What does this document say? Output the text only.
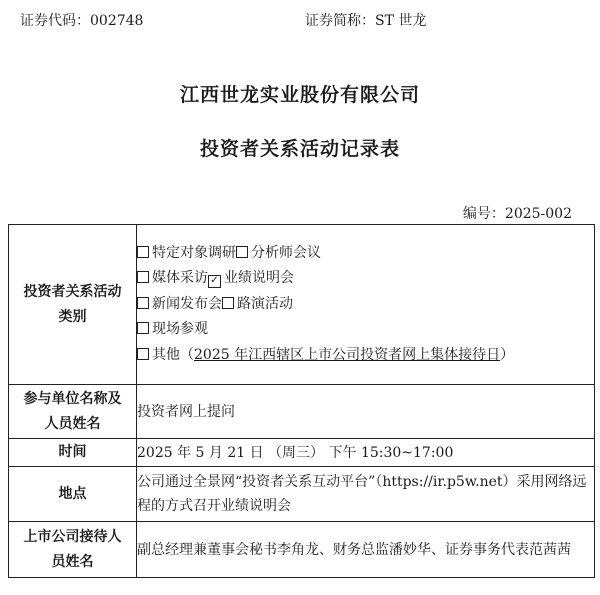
证券代码：002748	证券简称：ST 世龙
江西世龙实业股份有限公司
投资者关系活动记录表
编号：2025-002
投资者关系活动
类别	特定对象调研 分析师会议
媒体采访 ✓ 业绩说明会
新闻发布会 路演活动
现场参观
其他（2025 年江西辖区上市公司投资者网上集体接待日）

参与单位名称及
人员姓名	投资者网上提问
时间	2025 年 5 月 21 日 （周三） 下午 15:30~17:00
地点	公司通过全景网“投资者关系互动平台”（https://ir.p5w.net）采用网络远程的方式召开业绩说明会
上市公司接待人
员姓名	副总经理兼董事会秘书李角龙、财务总监潘妙华、证券事务代表范茜茜
